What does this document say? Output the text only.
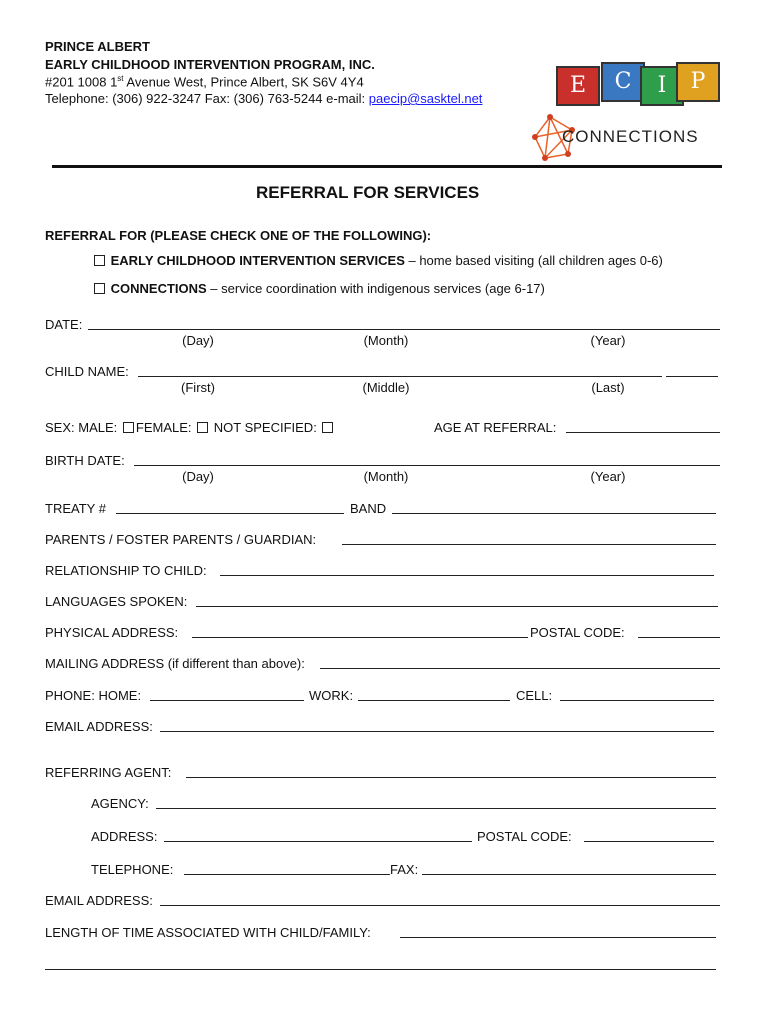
PRINCE ALBERT
EARLY CHILDHOOD INTERVENTION PROGRAM, INC.
#201 1008 1st Avenue West, Prince Albert, SK S6V 4Y4
Telephone: (306) 922-3247 Fax: (306) 763-5244 e-mail: paecip@sasktel.net
E	C	I	P
CONNECTIONS
REFERRAL FOR SERVICES
REFERRAL FOR (PLEASE CHECK ONE OF THE FOLLOWING):
EARLY CHILDHOOD INTERVENTION SERVICES – home based visiting (all children ages 0-6)
CONNECTIONS – service coordination with indigenous services (age 6-17)
DATE:
(Day)	(Month)	(Year)
CHILD NAME:
(First)	(Middle)	(Last)
SEX: MALE: FEMALE: NOT SPECIFIED:	AGE AT REFERRAL:
BIRTH DATE:
(Day)	(Month)	(Year)
TREATY #	BAND
PARENTS / FOSTER PARENTS / GUARDIAN:
RELATIONSHIP TO CHILD:
LANGUAGES SPOKEN:
PHYSICAL ADDRESS:	POSTAL CODE:
MAILING ADDRESS (if different than above):
PHONE: HOME:	WORK:	CELL:
EMAIL ADDRESS:
REFERRING AGENT:
AGENCY:
ADDRESS:	POSTAL CODE:
TELEPHONE:	FAX:
EMAIL ADDRESS:
LENGTH OF TIME ASSOCIATED WITH CHILD/FAMILY:
